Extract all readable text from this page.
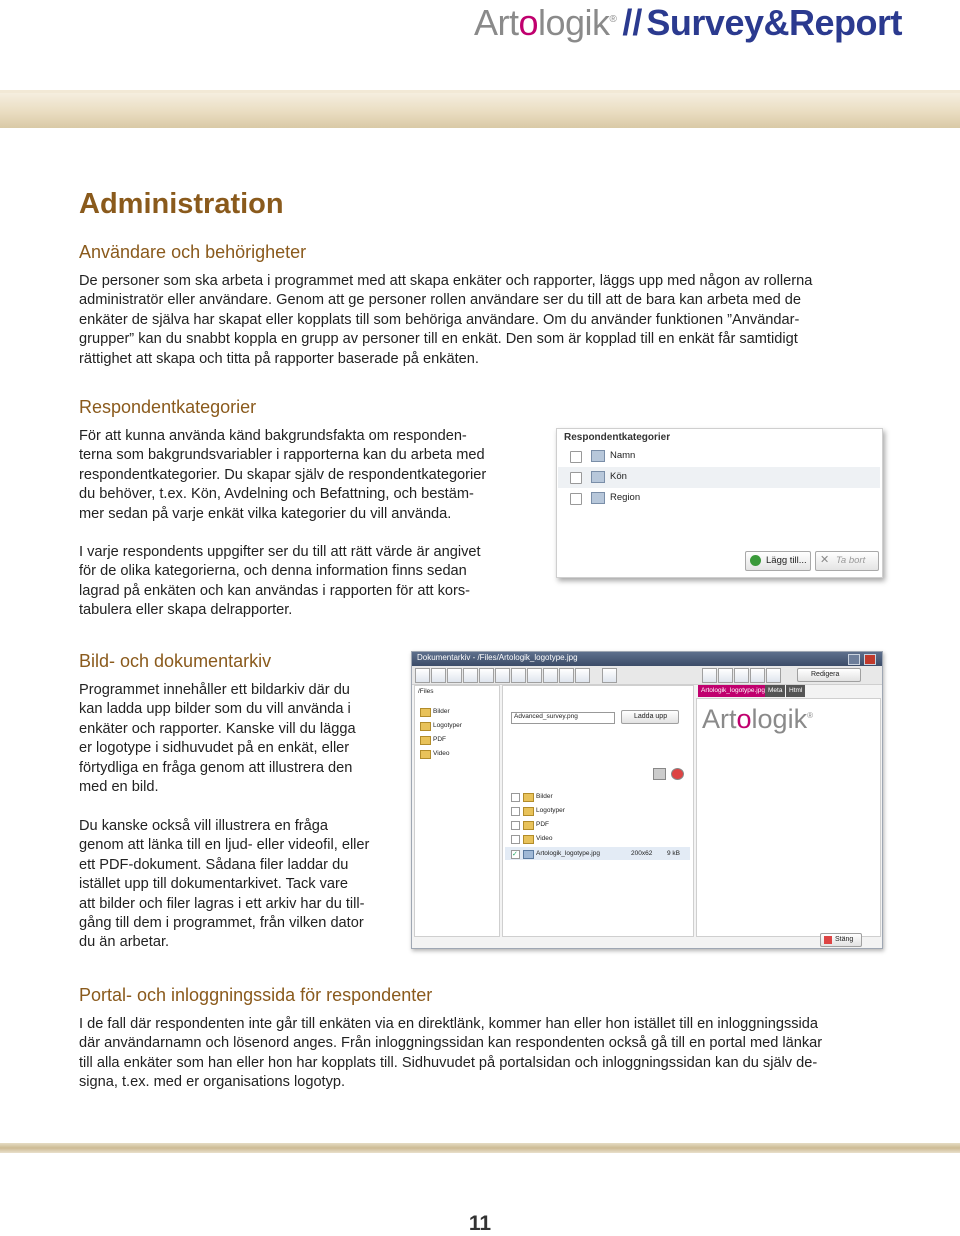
Artologik® // Survey&Report
Administration
Användare och behörigheter
De personer som ska arbeta i programmet med att skapa enkäter och rapporter, läggs upp med någon av rollerna
administratör eller användare. Genom att ge personer rollen användare ser du till att de bara kan arbeta med de
enkäter de själva har skapat eller kopplats till som behöriga användare. Om du använder funktionen ”Användar-
grupper” kan du snabbt koppla en grupp av personer till en enkät. Den som är kopplad till en enkät får samtidigt
rättighet att skapa och titta på rapporter baserade på enkäten.
Respondentkategorier
För att kunna använda känd bakgrundsfakta om responden-
terna som bakgrundsvariabler i rapporterna kan du arbeta med
respondentkategorier. Du skapar själv de respondentkategorier
du behöver, t.ex. Kön, Avdelning och Befattning, och bestäm-
mer sedan på varje enkät vilka kategorier du vill använda.
I varje respondents uppgifter ser du till att rätt värde är angivet
för de olika kategorierna, och denna information finns sedan
lagrad på enkäten och kan användas i rapporten för att kors-
tabulera eller skapa delrapporter.
Respondentkategorier
Namn
Kön
Region
Lägg till... ✕ Ta bort
Bild- och dokumentarkiv
Programmet innehåller ett bildarkiv där du
kan ladda upp bilder som du vill använda i
enkäter och rapporter. Kanske vill du lägga
er logotype i sidhuvudet på en enkät, eller
förtydliga en fråga genom att illustrera den
med en bild.
Du kanske också vill illustrera en fråga
genom att länka till en ljud- eller videofil, eller
ett PDF-dokument. Sådana filer laddar du
istället upp till dokumentarkivet. Tack vare
att bilder och filer lagras i ett arkiv har du till-
gång till dem i programmet, från vilken dator
du än arbetar.
Dokumentarkiv - /Files/Artologik_logotype.jpg
Redigera
/Files
Bilder
Logotyper
PDF
Video
Advanced_survey.png	Ladda upp
Bilder
Logotyper
PDF
Video
✓	Artologik_logotype.jpg	200x62 9 kB
Artologik_logotype.jpg Meta	Html
Artologik®
Stäng
Portal- och inloggningssida för respondenter
I de fall där respondenten inte går till enkäten via en direktlänk, kommer han eller hon istället till en inloggningssida
där användarnamn och lösenord anges. Från inloggningssidan kan respondenten också gå till en portal med länkar
till alla enkäter som han eller hon har kopplats till. Sidhuvudet på portalsidan och inloggningssidan kan du själv de-
signa, t.ex. med er organisations logotyp.
11
